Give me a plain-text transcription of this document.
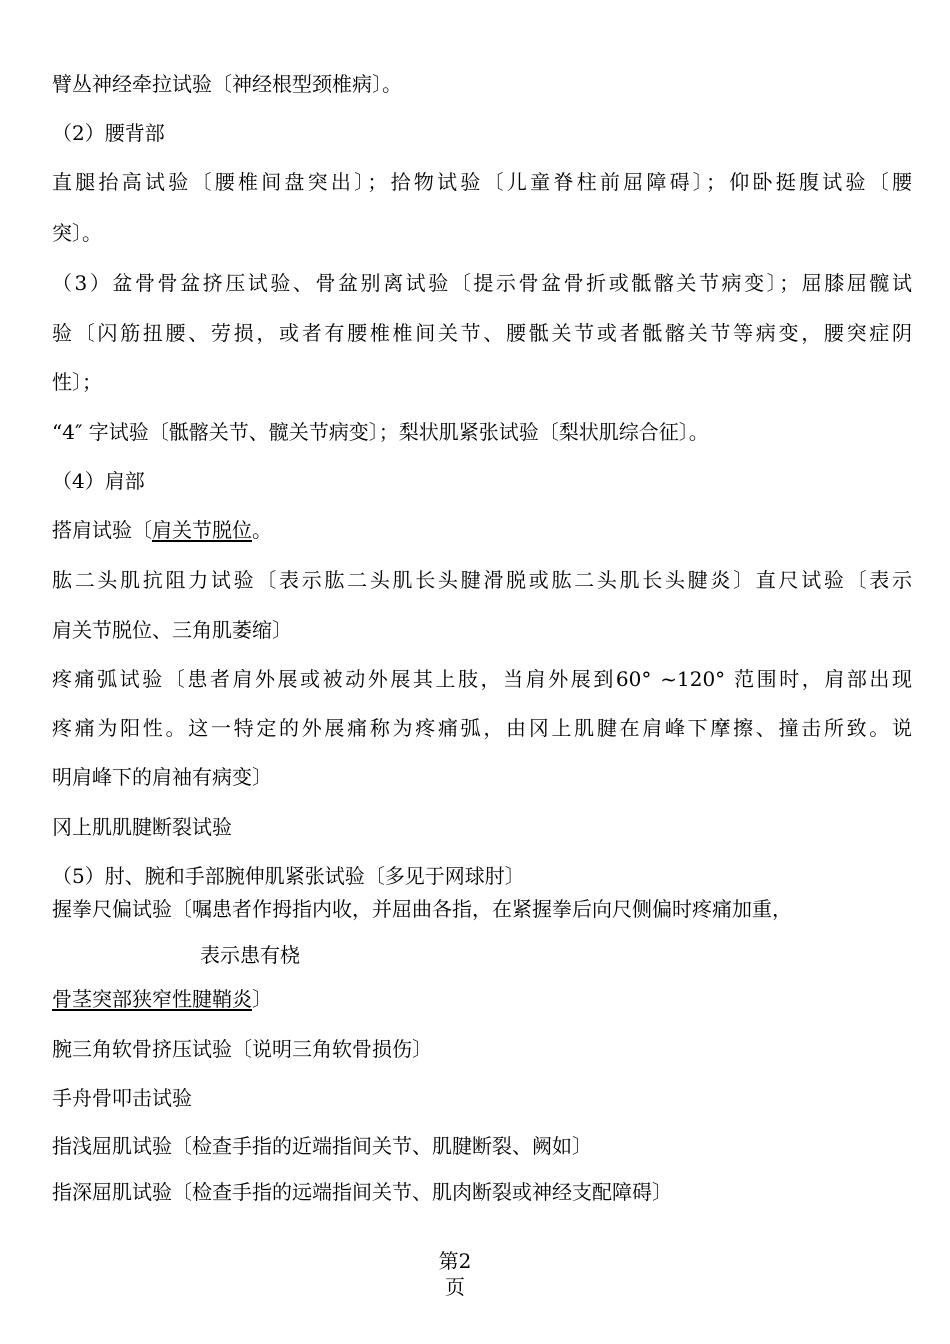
臂丛神经牵拉试验〔神经根型颈椎病〕。
（2）腰背部
直腿抬高试验〔腰椎间盘突出〕；拾物试验〔儿童脊柱前屈障碍〕；仰卧挺腹试验〔腰
突〕。
（3）盆骨骨盆挤压试验、骨盆别离试验〔提示骨盆骨折或骶髂关节病变〕；屈膝屈髋试
验〔闪筋扭腰、劳损，或者有腰椎椎间关节、腰骶关节或者骶髂关节等病变，腰突症阴
性〕；
“4″ 字试验〔骶髂关节、髋关节病变〕；梨状肌紧张试验〔梨状肌综合征〕。
（4）肩部
搭肩试验〔肩关节脱位。
肱二头肌抗阻力试验〔表示肱二头肌长头腱滑脱或肱二头肌长头腱炎〕直尺试验〔表示
肩关节脱位、三角肌萎缩〕
疼痛弧试验〔患者肩外展或被动外展其上肢，当肩外展到60° ~120° 范围时，肩部出现
疼痛为阳性。这一特定的外展痛称为疼痛弧，由冈上肌腱在肩峰下摩擦、撞击所致。说
明肩峰下的肩袖有病变〕
冈上肌肌腱断裂试验
（5）肘、腕和手部腕伸肌紧张试验〔多见于网球肘〕
握拳尺偏试验〔嘱患者作拇指内收，并屈曲各指，在紧握拳后向尺侧偏时疼痛加重，
表示患有桡
骨茎突部狭窄性腱鞘炎〕
腕三角软骨挤压试验〔说明三角软骨损伤〕
手舟骨叩击试验
指浅屈肌试验〔检查手指的近端指间关节、肌腱断裂、阙如〕
指深屈肌试验〔检查手指的远端指间关节、肌肉断裂或神经支配障碍〕
第2
页
